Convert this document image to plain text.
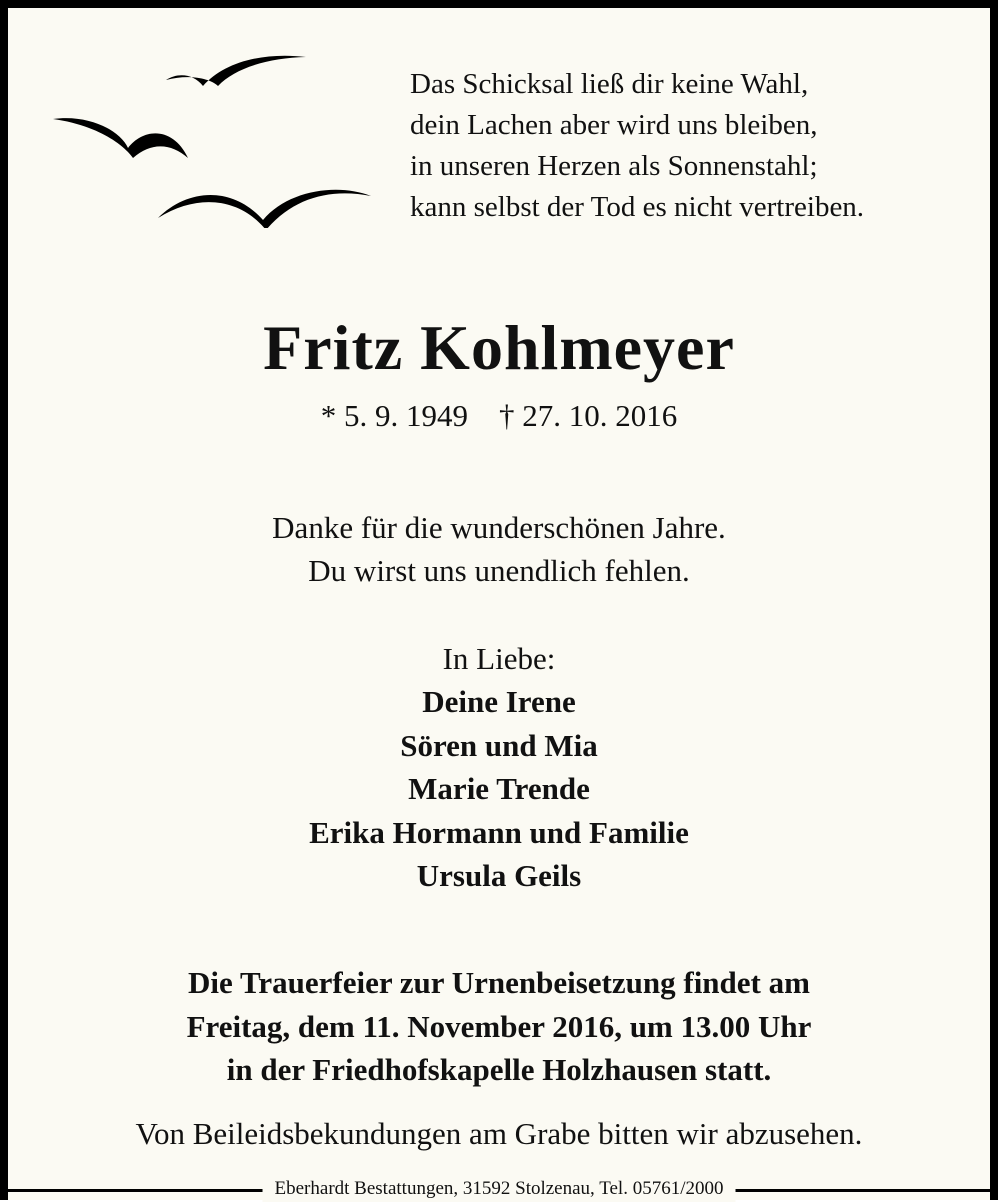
Das Schicksal ließ dir keine Wahl,
dein Lachen aber wird uns bleiben,
in unseren Herzen als Sonnenstahl;
kann selbst der Tod es nicht vertreiben.
Fritz Kohlmeyer
* 5. 9. 1949    † 27. 10. 2016
Danke für die wunderschönen Jahre.
Du wirst uns unendlich fehlen.
In Liebe:
Deine Irene
Sören und Mia
Marie Trende
Erika Hormann und Familie
Ursula Geils
Die Trauerfeier zur Urnenbeisetzung findet am
Freitag, dem 11. November 2016, um 13.00 Uhr
in der Friedhofskapelle Holzhausen statt.
Von Beileidsbekundungen am Grabe bitten wir abzusehen.
Eberhardt Bestattungen, 31592 Stolzenau, Tel. 05761/2000
